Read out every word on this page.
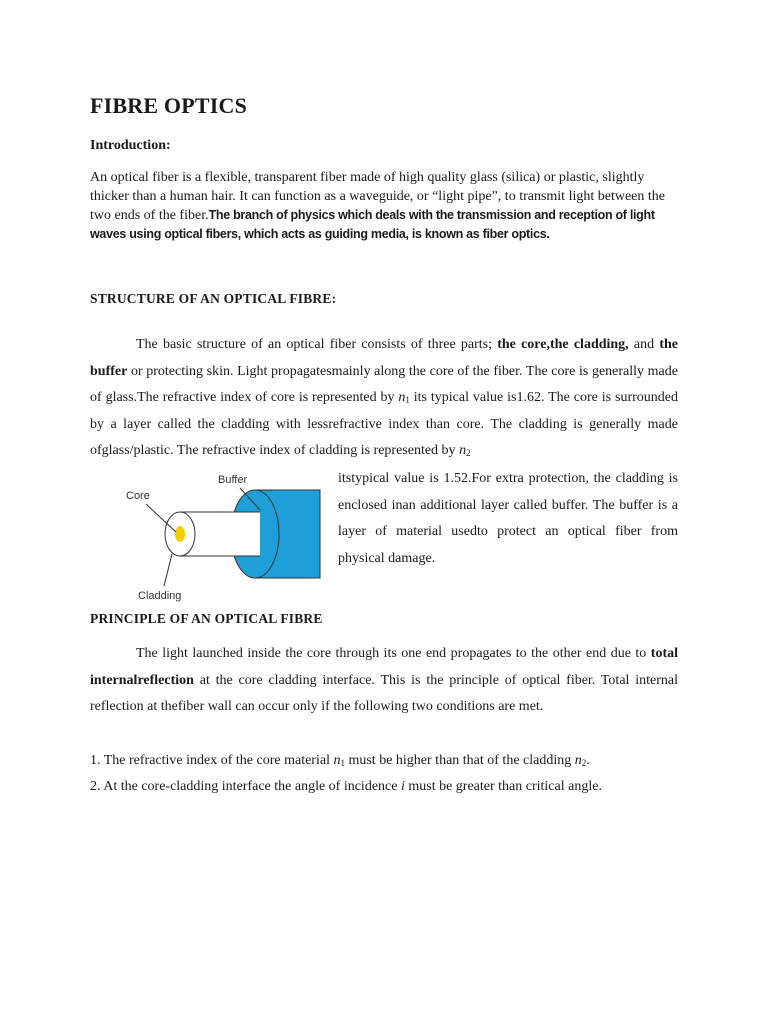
FIBRE OPTICS
Introduction:
An optical fiber is a flexible, transparent fiber made of high quality glass (silica) or plastic, slightly thicker than a human hair. It can function as a waveguide, or “light pipe”, to transmit light between the two ends of the fiber.The branch of physics which deals with the transmission and reception of light waves using optical fibers, which acts as guiding media, is known as fiber optics.
STRUCTURE OF AN OPTICAL FIBRE:
The basic structure of an optical fiber consists of three parts; the core,the cladding, and the buffer or protecting skin. Light propagatesmainly along the core of the fiber. The core is generally made of glass.The refractive index of core is represented by $n_1$ its typical value is1.62. The core is surrounded by a layer called the cladding with lessrefractive index than core. The cladding is generally made ofglass/plastic. The refractive index of cladding is represented by $n_2$
Buffer
Core
Cladding
itstypical value is 1.52.For extra protection, the cladding is enclosed inan additional layer called buffer. The buffer is a layer of material usedto protect an optical fiber from physical damage.
PRINCIPLE OF AN OPTICAL FIBRE
The light launched inside the core through its one end propagates to the other end due to total internalreflection at the core cladding interface. This is the principle of optical fiber. Total internal reflection at thefiber wall can occur only if the following two conditions are met.
1. The refractive index of the core material $n_1$ must be higher than that of the cladding $n_2$.
2. At the core-cladding interface the angle of incidence i must be greater than critical angle.
